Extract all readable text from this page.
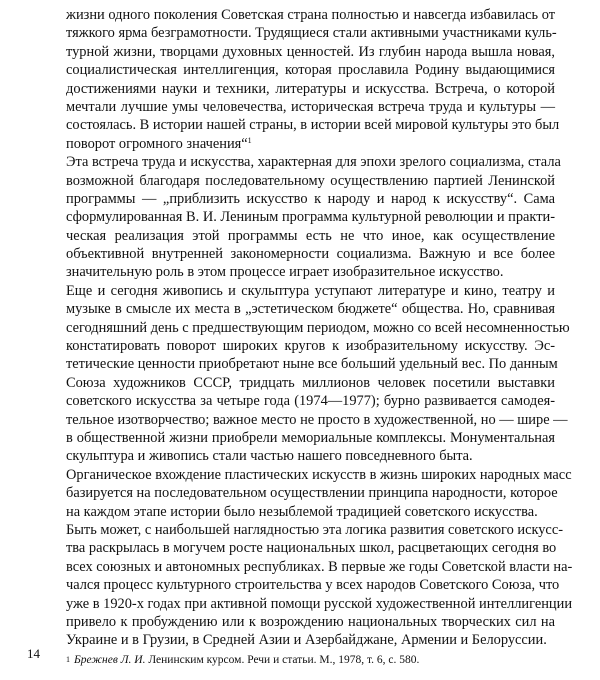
жизни одного поколения Советская страна полностью и навсегда избавилась от
тяжкого ярма безграмотности. Трудящиеся стали активными участниками куль-
турной жизни, творцами духовных ценностей. Из глубин народа вышла новая,
социалистическая интеллигенция, которая прославила Родину выдающимися
достижениями науки и техники, литературы и искусства. Встреча, о которой
мечтали лучшие умы человечества, историческая встреча труда и культуры —
состоялась. В истории нашей страны, в истории всей мировой культуры это был
поворот огромного значения“$^1$
Эта встреча труда и искусства, характерная для эпохи зрелого социализма, стала
возможной благодаря последовательному осуществлению партией Ленинской
программы — „приблизить искусство к народу и народ к искусству“. Сама
сформулированная В. И. Лениным программа культурной революции и практи-
ческая реализация этой программы есть не что иное, как осуществление
объективной внутренней закономерности социализма. Важную и все более
значительную роль в этом процессе играет изобразительное искусство.
Еще и сегодня живопись и скульптура уступают литературе и кино, театру и
музыке в смысле их места в „эстетическом бюджете“ общества. Но, сравнивая
сегодняшний день с предшествующим периодом, можно со всей несомненностью
констатировать поворот широких кругов к изобразительному искусству. Эс-
тетические ценности приобретают ныне все больший удельный вес. По данным
Союза художников СССР, тридцать миллионов человек посетили выставки
советского искусства за четыре года (1974—1977); бурно развивается самодея-
тельное изотворчество; важное место не просто в художественной, но — шире —
в общественной жизни приобрели мемориальные комплексы. Монументальная
скульптура и живопись стали частью нашего повседневного быта.
Органическое вхождение пластических искусств в жизнь широких народных масс
базируется на последовательном осуществлении принципа народности, которое
на каждом этапе истории было незыблемой традицией советского искусства.
Быть может, с наибольшей наглядностью эта логика развития советского искусс-
тва раскрылась в могучем росте национальных школ, расцветающих сегодня во
всех союзных и автономных республиках. В первые же годы Советской власти на-
чался процесс культурного строительства у всех народов Советского Союза, что
уже в 1920-х годах при активной помощи русской художественной интеллигенции
привело к пробуждению или к возрождению национальных творческих сил на
Украине и в Грузии, в Средней Азии и Азербайджане, Армении и Белоруссии.
1 Брежнев Л. И. Ленинским курсом. Речи и статьи. М., 1978, т. 6, с. 580.
14
